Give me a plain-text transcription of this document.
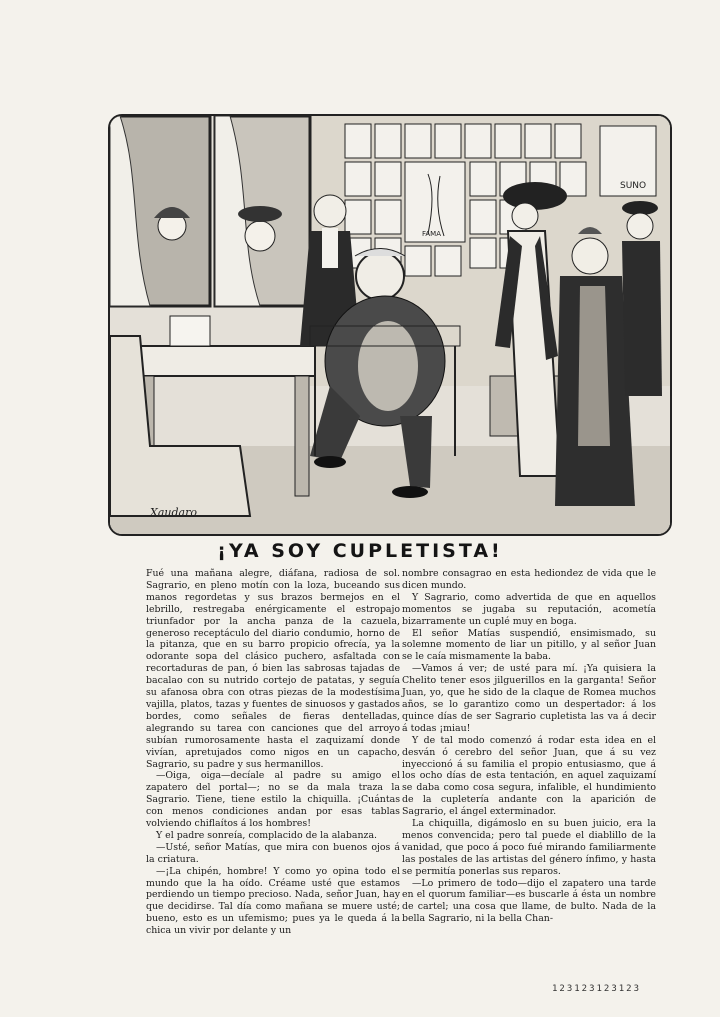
SUNO
FAMA
Xaudaro
¡YA SOY CUPLETISTA!

Fué una mañana alegre, diáfana, radiosa de sol. Sagrario, en pleno motín con la loza, buceando sus manos regordetas y sus brazos bermejos en el lebrillo, restregaba enérgicamente el estropajo triunfador por la ancha panza de la cazuela, generoso receptáculo del diario condumio, horno de la pitanza, que en su barro propicio ofrecía, ya la odorante sopa del clásico puchero, asfaltada con recortaduras de pan, ó bien las sabrosas tajadas de bacalao con su nutrido cortejo de patatas, y seguía su afanosa obra con otras piezas de la modestísima vajilla, platos, tazas y fuentes de sinuosos y gastados bordes, como señales de fieras dentelladas, alegrando su tarea con canciones que del arroyo subían rumorosamente hasta el zaquizamí donde vivían, apretujados como nigos en un capacho, Sagrario, su padre y sus hermanillos.

—Oiga, oiga—decíale al padre su amigo el zapatero del portal—; no se da mala traza la Sagrario. Tiene, tiene estilo la chiquilla. ¡Cuántas con menos condiciones andan por esas tablas volviendo chiflaítos á los hombres!

Y el padre sonreía, complacido de la alabanza.

—Usté, señor Matías, que mira con buenos ojos á la criatura.

—¡La chipén, hombre! Y como yo opina todo el mundo que la ha oído. Créame usté que estamos perdiendo un tiempo precioso. Nada, señor Juan, hay que decidirse. Tal día como mañana se muere usté; bueno, esto es un ufemismo; pues ya le queda á la chica un vivir por delante y un

nombre consagrao en esta hediondez de vida que le dicen mundo.

Y Sagrario, como advertida de que en aquellos momentos se jugaba su reputación, acometía bizarramente un cuplé muy en boga.

El señor Matías suspendió, ensimismado, su solemne momento de liar un pitillo, y al señor Juan se le caía mismamente la baba.

—Vamos á ver; de usté para mí. ¡Ya quisiera la Chelito tener esos jilguerillos en la garganta! Señor Juan, yo, que he sido de la claque de Romea muchos años, se lo garantizo como un despertador: á los quince días de ser Sagrario cupletista las va á decir á todas ¡miau!

Y de tal modo comenzó á rodar esta idea en el desván ó cerebro del señor Juan, que á su vez inyeccionó á su familia el propio entusiasmo, que á los ocho días de esta tentación, en aquel zaquizamí se daba como cosa segura, infalible, el hundimiento de la cupletería andante con la aparición de Sagrario, el ángel exterminador.

La chiquilla, digámoslo en su buen juicio, era la menos convencida; pero tal puede el diablillo de la vanidad, que poco á poco fué mirando familiarmente las postales de las artistas del género ínfimo, y hasta se permitía ponerlas sus reparos.

—Lo primero de todo—dijo el zapatero una tarde en el quorum familiar—es buscarle á ésta un nombre de cartel; una cosa que llame, de bulto. Nada de la bella Sagrario, ni la bella Chan-

123123123123
